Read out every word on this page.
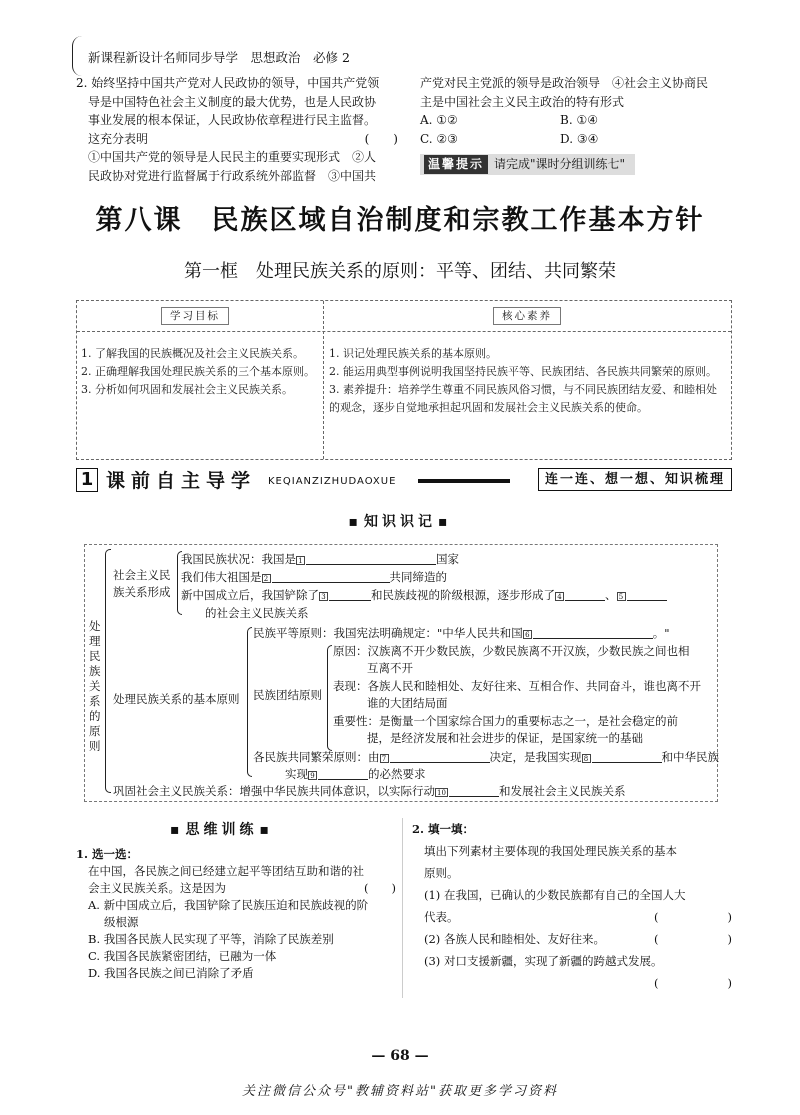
新课程新设计名师同步导学　思想政治　必修 2
2. 始终坚持中国共产党对人民政协的领导，中国共产党领
导是中国特色社会主义制度的最大优势，也是人民政协
事业发展的根本保证，人民政协依章程进行民主监督。
这充分表明	(　　)
①中国共产党的领导是人民民主的重要实现形式　②人
民政协对党进行监督属于行政系统外部监督　③中国共
产党对民主党派的领导是政治领导　④社会主义协商民
主是中国社会主义民主政治的特有形式
A. ①②	B. ①④
C. ②③	D. ③④
温馨提示 请完成"课时分组训练七"
第八课　民族区域自治制度和宗教工作基本方针
第一框　处理民族关系的原则：平等、团结、共同繁荣
学习目标	核心素养
1. 了解我国的民族概况及社会主义民族关系。
2. 正确理解我国处理民族关系的三个基本原则。
3. 分析如何巩固和发展社会主义民族关系。
1. 识记处理民族关系的基本原则。
2. 能运用典型事例说明我国坚持民族平等、民族团结、各民族共同繁荣的原则。
3. 素养提升：培养学生尊重不同民族风俗习惯，与不同民族团结友爱、和睦相处的观念，逐步自觉地承担起巩固和发展社会主义民族关系的使命。
1 课前自主导学 KEQIANZIZHUDAOXUE	连一连、想一想、知识梳理
▪ 知识识记 ▪
处理民族关系的原则
社会主义民族关系形成
我国民族状况：我国是 1	国家
我们伟大祖国是 2	共同缔造的
新中国成立后，我国铲除了 3	和民族歧视的阶级根源，逐步形成了 4	、 5
的社会主义民族关系
处理民族关系的基本原则
民族平等原则：我国宪法明确规定："中华人民共和国 6	。"
民族团结原则
原因：汉族离不开少数民族，少数民族离不开汉族，少数民族之间也相
互离不开
表现：各族人民和睦相处、友好往来、互相合作、共同奋斗，谁也离不开
谁的大团结局面
重要性：是衡量一个国家综合国力的重要标志之一，是社会稳定的前
提，是经济发展和社会进步的保证，是国家统一的基础
各民族共同繁荣原则：由 7	决定，是我国实现 8	和中华民族
实现 9	的必然要求
巩固社会主义民族关系：增强中华民族共同体意识，以实际行动 10	和发展社会主义民族关系
▪ 思维训练 ▪
1. 选一选：
在中国，各民族之间已经建立起平等团结互助和谐的社
会主义民族关系。这是因为	(　　)
A. 新中国成立后，我国铲除了民族压迫和民族歧视的阶
级根源
B. 我国各民族人民实现了平等，消除了民族差别
C. 我国各民族紧密团结，已融为一体
D. 我国各民族之间已消除了矛盾
2. 填一填：
填出下列素材主要体现的我国处理民族关系的基本
原则。
(1) 在我国，已确认的少数民族都有自己的全国人大
代表。	(　　　　　　)
(2) 各族人民和睦相处、友好往来。	(　　　　　　)
(3) 对口支援新疆，实现了新疆的跨越式发展。
(　　　　　　)

— 68 —
关注微信公众号"教辅资料站"获取更多学习资料
